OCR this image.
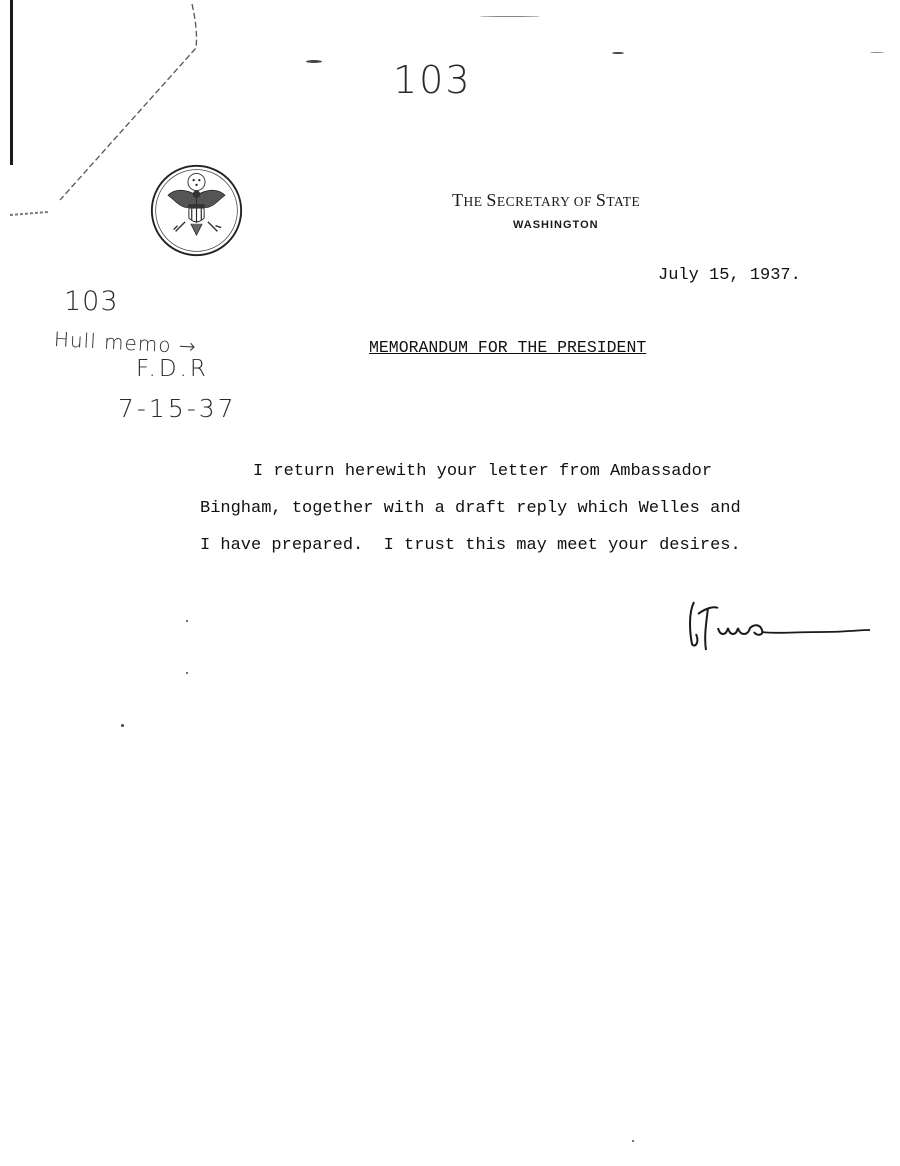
103
103
Hull memo →
F.D.R
7-15-37
THE SECRETARY OF STATE
WASHINGTON
July 15, 1937.
MEMORANDUM FOR THE PRESIDENT
I return herewith your letter from Ambassador
Bingham, together with a draft reply which Welles and
I have prepared.  I trust this may meet your desires.
